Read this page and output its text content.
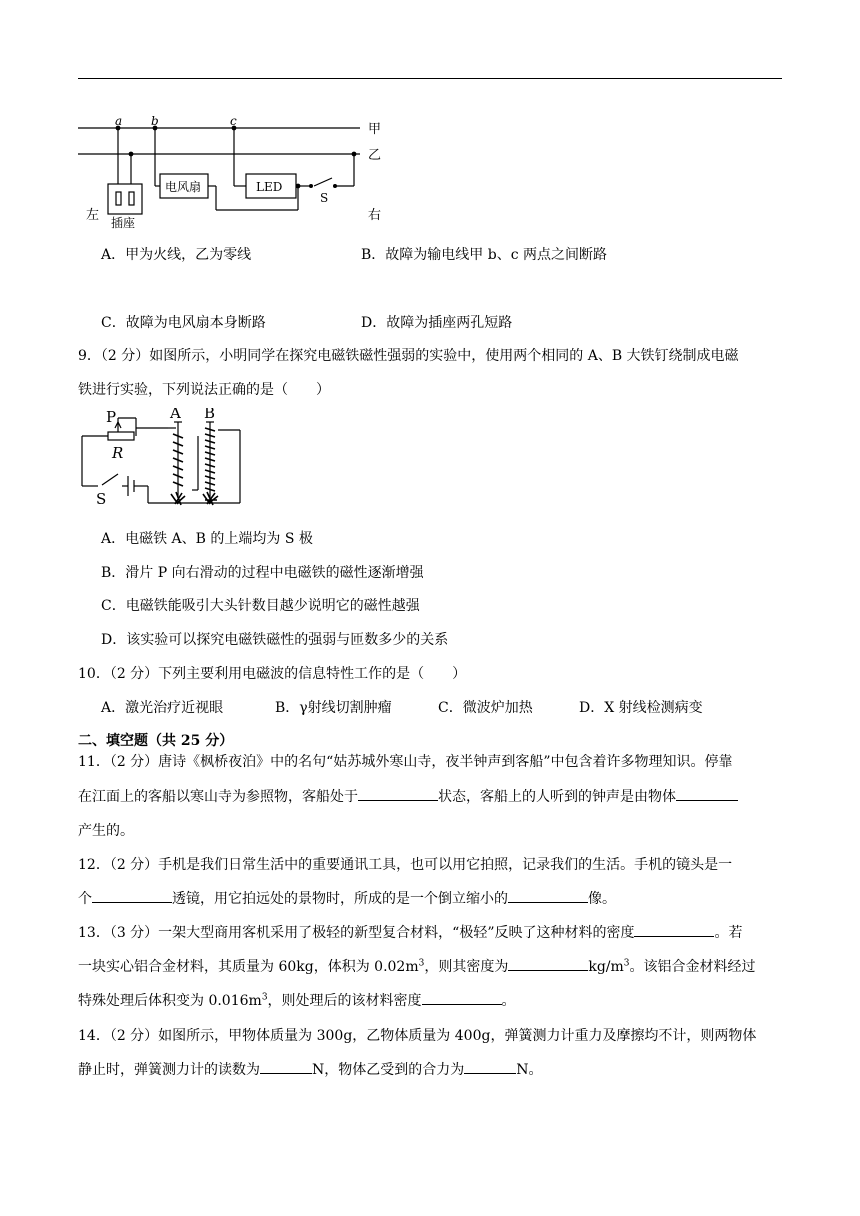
a b	c
甲
乙
电风扇	LED
S
插座
左	右
A．甲为火线，乙为零线	B．故障为输电线甲 b、c 两点之间断路
C．故障为电风扇本身断路	D．故障为插座两孔短路
9．（2 分）如图所示，小明同学在探究电磁铁磁性强弱的实验中，使用两个相同的 A、B 大铁钉绕制成电磁
铁进行实验，下列说法正确的是（　　）
P
R
S
A B
A．电磁铁 A、B 的上端均为 S 极
B．滑片 P 向右滑动的过程中电磁铁的磁性逐渐增强
C．电磁铁能吸引大头针数目越少说明它的磁性越强
D．该实验可以探究电磁铁磁性的强弱与匝数多少的关系
10．（2 分）下列主要利用电磁波的信息特性工作的是（　　）
A．激光治疗近视眼	B．γ射线切割肿瘤	C．微波炉加热	D．X 射线检测病变
二、填空题（共 25 分）
11．（2 分）唐诗《枫桥夜泊》中的名句“姑苏城外寒山寺，夜半钟声到客船”中包含着许多物理知识。停靠
在江面上的客船以寒山寺为参照物，客船处于	状态，客船上的人听到的钟声是由物体
产生的。
12．（2 分）手机是我们日常生活中的重要通讯工具，也可以用它拍照，记录我们的生活。手机的镜头是一
个	透镜，用它拍远处的景物时，所成的是一个倒立缩小的	像。
13．（3 分）一架大型商用客机采用了极轻的新型复合材料，“极轻”反映了这种材料的密度	。若
一块实心铝合金材料，其质量为 60kg，体积为 $0.02m^3$，则其密度为	$kg/m^3$。该铝合金材料经过
特殊处理后体积变为 $0.016m^3$，则处理后的该材料密度	。
14．（2 分）如图所示，甲物体质量为 300g，乙物体质量为 400g，弹簧测力计重力及摩擦均不计，则两物体
静止时，弹簧测力计的读数为	N，物体乙受到的合力为	N。
